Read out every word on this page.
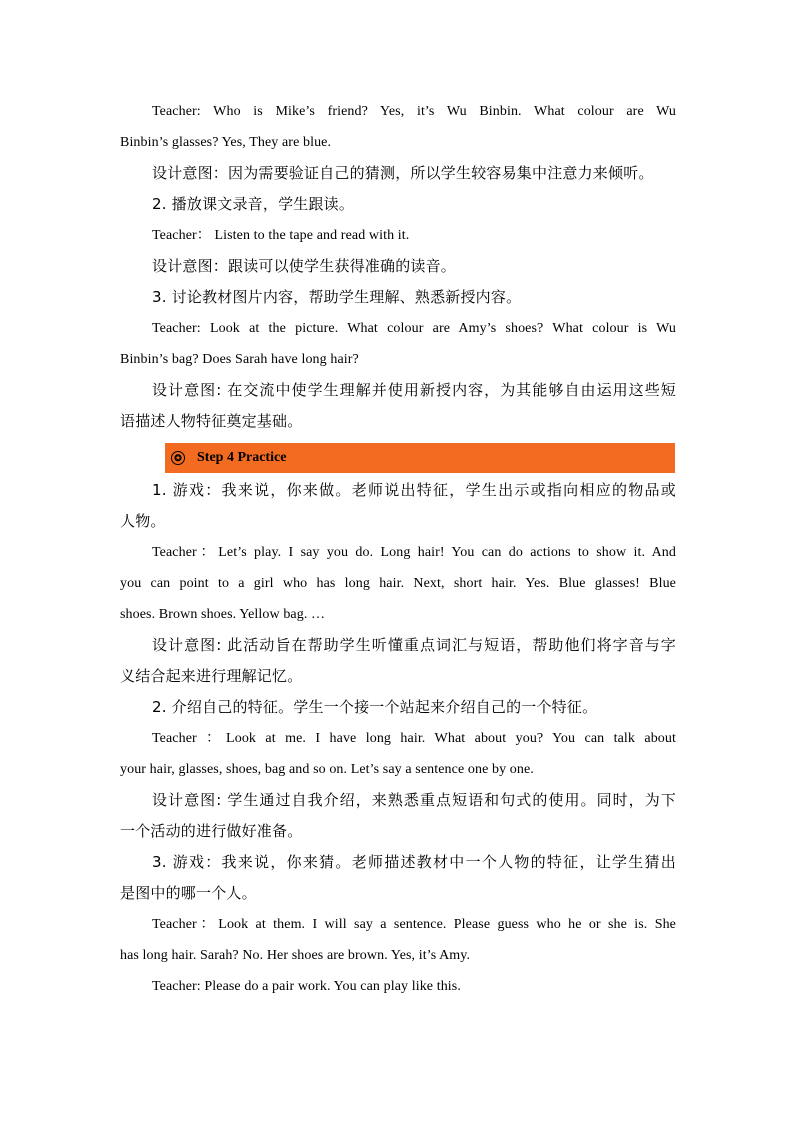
Teacher: Who is Mike’s friend? Yes, it’s Wu Binbin. What colour are Wu
Binbin’s glasses? Yes, They are blue.
设计意图：因为需要验证自己的猜测，所以学生较容易集中注意力来倾听。
2. 播放课文录音，学生跟读。
Teacher： Listen to the tape and read with it.
设计意图：跟读可以使学生获得准确的读音。
3. 讨论教材图片内容，帮助学生理解、熟悉新授内容。
Teacher: Look at the picture. What colour are Amy’s shoes? What colour is Wu
Binbin’s bag? Does Sarah have long hair?
设计意图: 在交流中使学生理解并使用新授内容，为其能够自由运用这些短
语描述人物特征奠定基础。
✪ Step 4 Practice
1. 游戏：我来说，你来做。老师说出特征，学生出示或指向相应的物品或
人物。
Teacher：Let’s play. I say you do. Long hair! You can do actions to show it. And
you can point to a girl who has long hair. Next, short hair. Yes. Blue glasses! Blue
shoes. Brown shoes. Yellow bag. …
设计意图: 此活动旨在帮助学生听懂重点词汇与短语，帮助他们将字音与字
义结合起来进行理解记忆。
2. 介绍自己的特征。学生一个接一个站起来介绍自己的一个特征。
Teacher ：Look at me. I have long hair. What about you? You can talk about
your hair, glasses, shoes, bag and so on. Let’s say a sentence one by one.
设计意图: 学生通过自我介绍，来熟悉重点短语和句式的使用。同时，为下
一个活动的进行做好准备。
3. 游戏：我来说，你来猜。老师描述教材中一个人物的特征，让学生猜出
是图中的哪一个人。
Teacher：Look at them. I will say a sentence. Please guess who he or she is. She
has long hair. Sarah? No. Her shoes are brown. Yes, it’s Amy.
Teacher: Please do a pair work. You can play like this.
